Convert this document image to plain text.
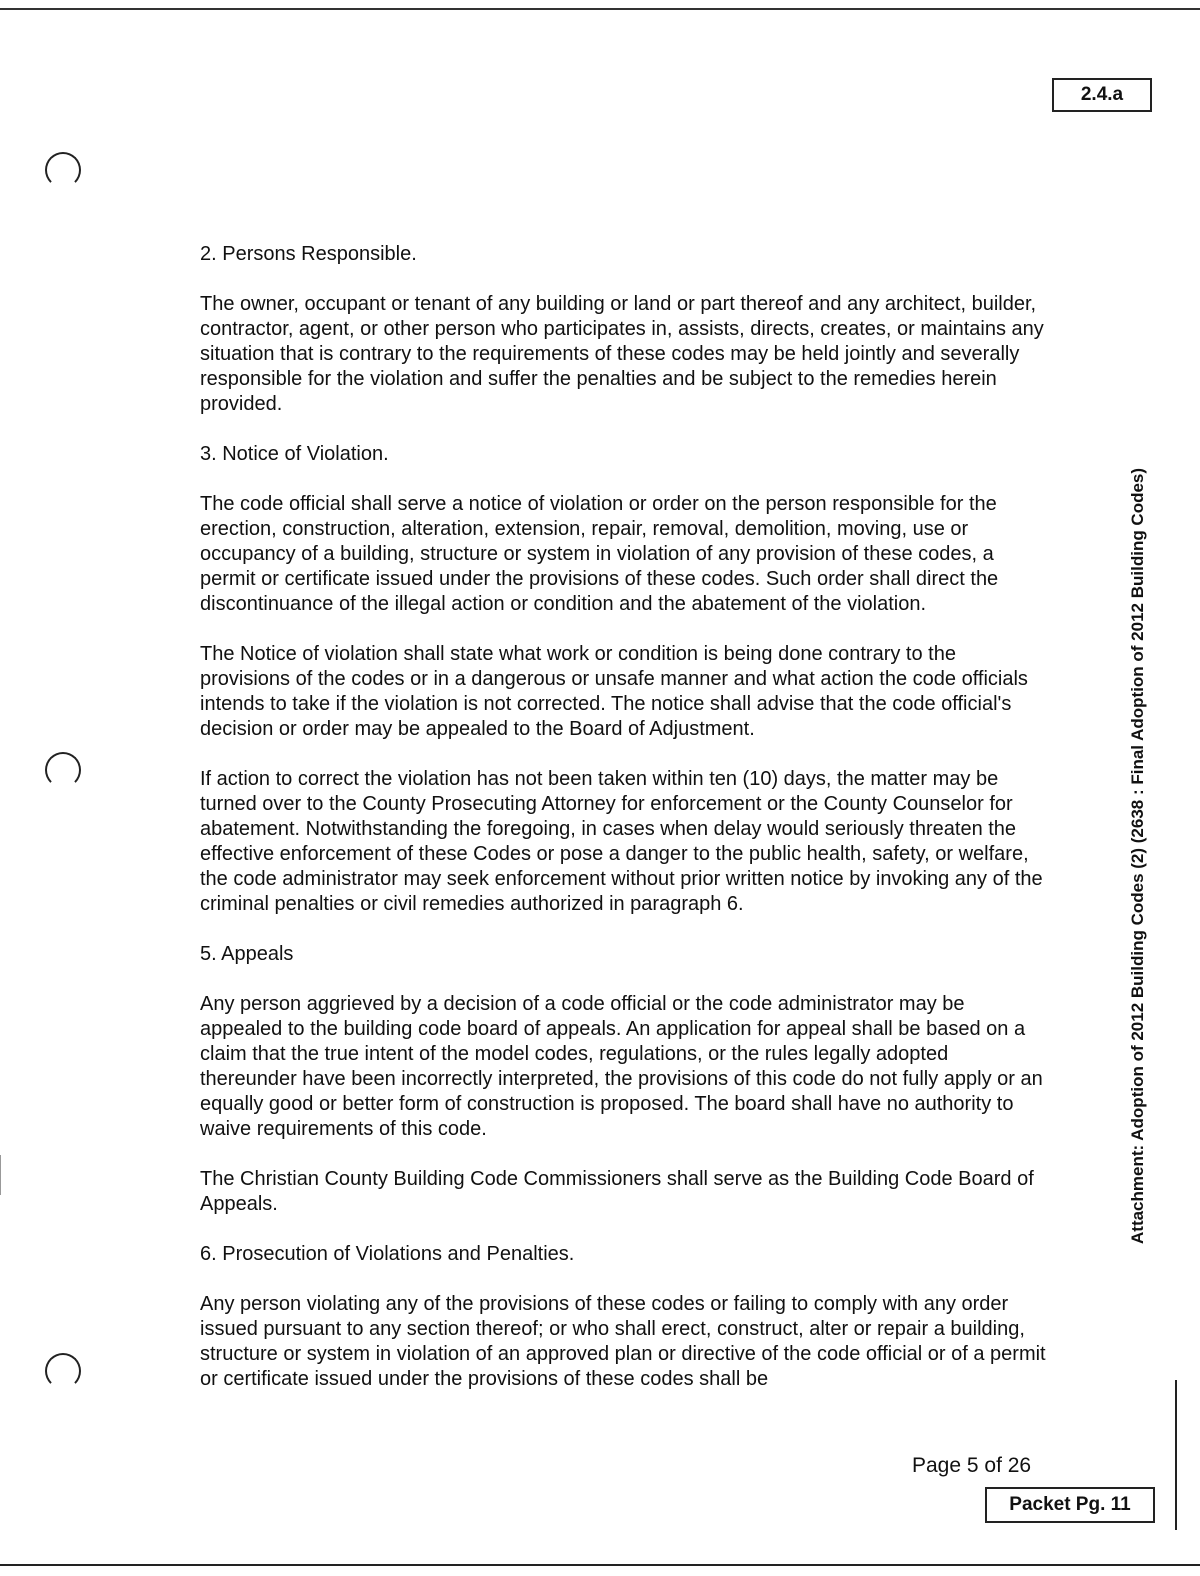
2.4.a
2. Persons Responsible.

The owner, occupant or tenant of any building or land or part thereof and any architect, builder, contractor, agent, or other person who participates in, assists, directs, creates, or maintains any situation that is contrary to the requirements of these codes may be held jointly and severally responsible for the violation and suffer the penalties and be subject to the remedies herein provided.

3. Notice of Violation.

The code official shall serve a notice of violation or order on the person responsible for the erection, construction, alteration, extension, repair, removal, demolition, moving, use or occupancy of a building, structure or system in violation of any provision of these codes, a permit or certificate issued under the provisions of these codes. Such order shall direct the discontinuance of the illegal action or condition and the abatement of the violation.

The Notice of violation shall state what work or condition is being done contrary to the provisions of the codes or in a dangerous or unsafe manner and what action the code officials intends to take if the violation is not corrected. The notice shall advise that the code official's decision or order may be appealed to the Board of Adjustment.

If action to correct the violation has not been taken within ten (10) days, the matter may be turned over to the County Prosecuting Attorney for enforcement or the County Counselor for abatement. Notwithstanding the foregoing, in cases when delay would seriously threaten the effective enforcement of these Codes or pose a danger to the public health, safety, or welfare, the code administrator may seek enforcement without prior written notice by invoking any of the criminal penalties or civil remedies authorized in paragraph 6.

5. Appeals

Any person aggrieved by a decision of a code official or the code administrator may be appealed to the building code board of appeals. An application for appeal shall be based on a claim that the true intent of the model codes, regulations, or the rules legally adopted thereunder have been incorrectly interpreted, the provisions of this code do not fully apply or an equally good or better form of construction is proposed. The board shall have no authority to waive requirements of this code.

The Christian County Building Code Commissioners shall serve as the Building Code Board of Appeals.

6. Prosecution of Violations and Penalties.

Any person violating any of the provisions of these codes or failing to comply with any order issued pursuant to any section thereof; or who shall erect, construct, alter or repair a building, structure or system in violation of an approved plan or directive of the code official or of a permit or certificate issued under the provisions of these codes shall be

Attachment: Adoption of 2012 Building Codes (2) (2638 : Final Adoption of 2012 Building Codes)
Page 5 of 26
Packet Pg. 11
